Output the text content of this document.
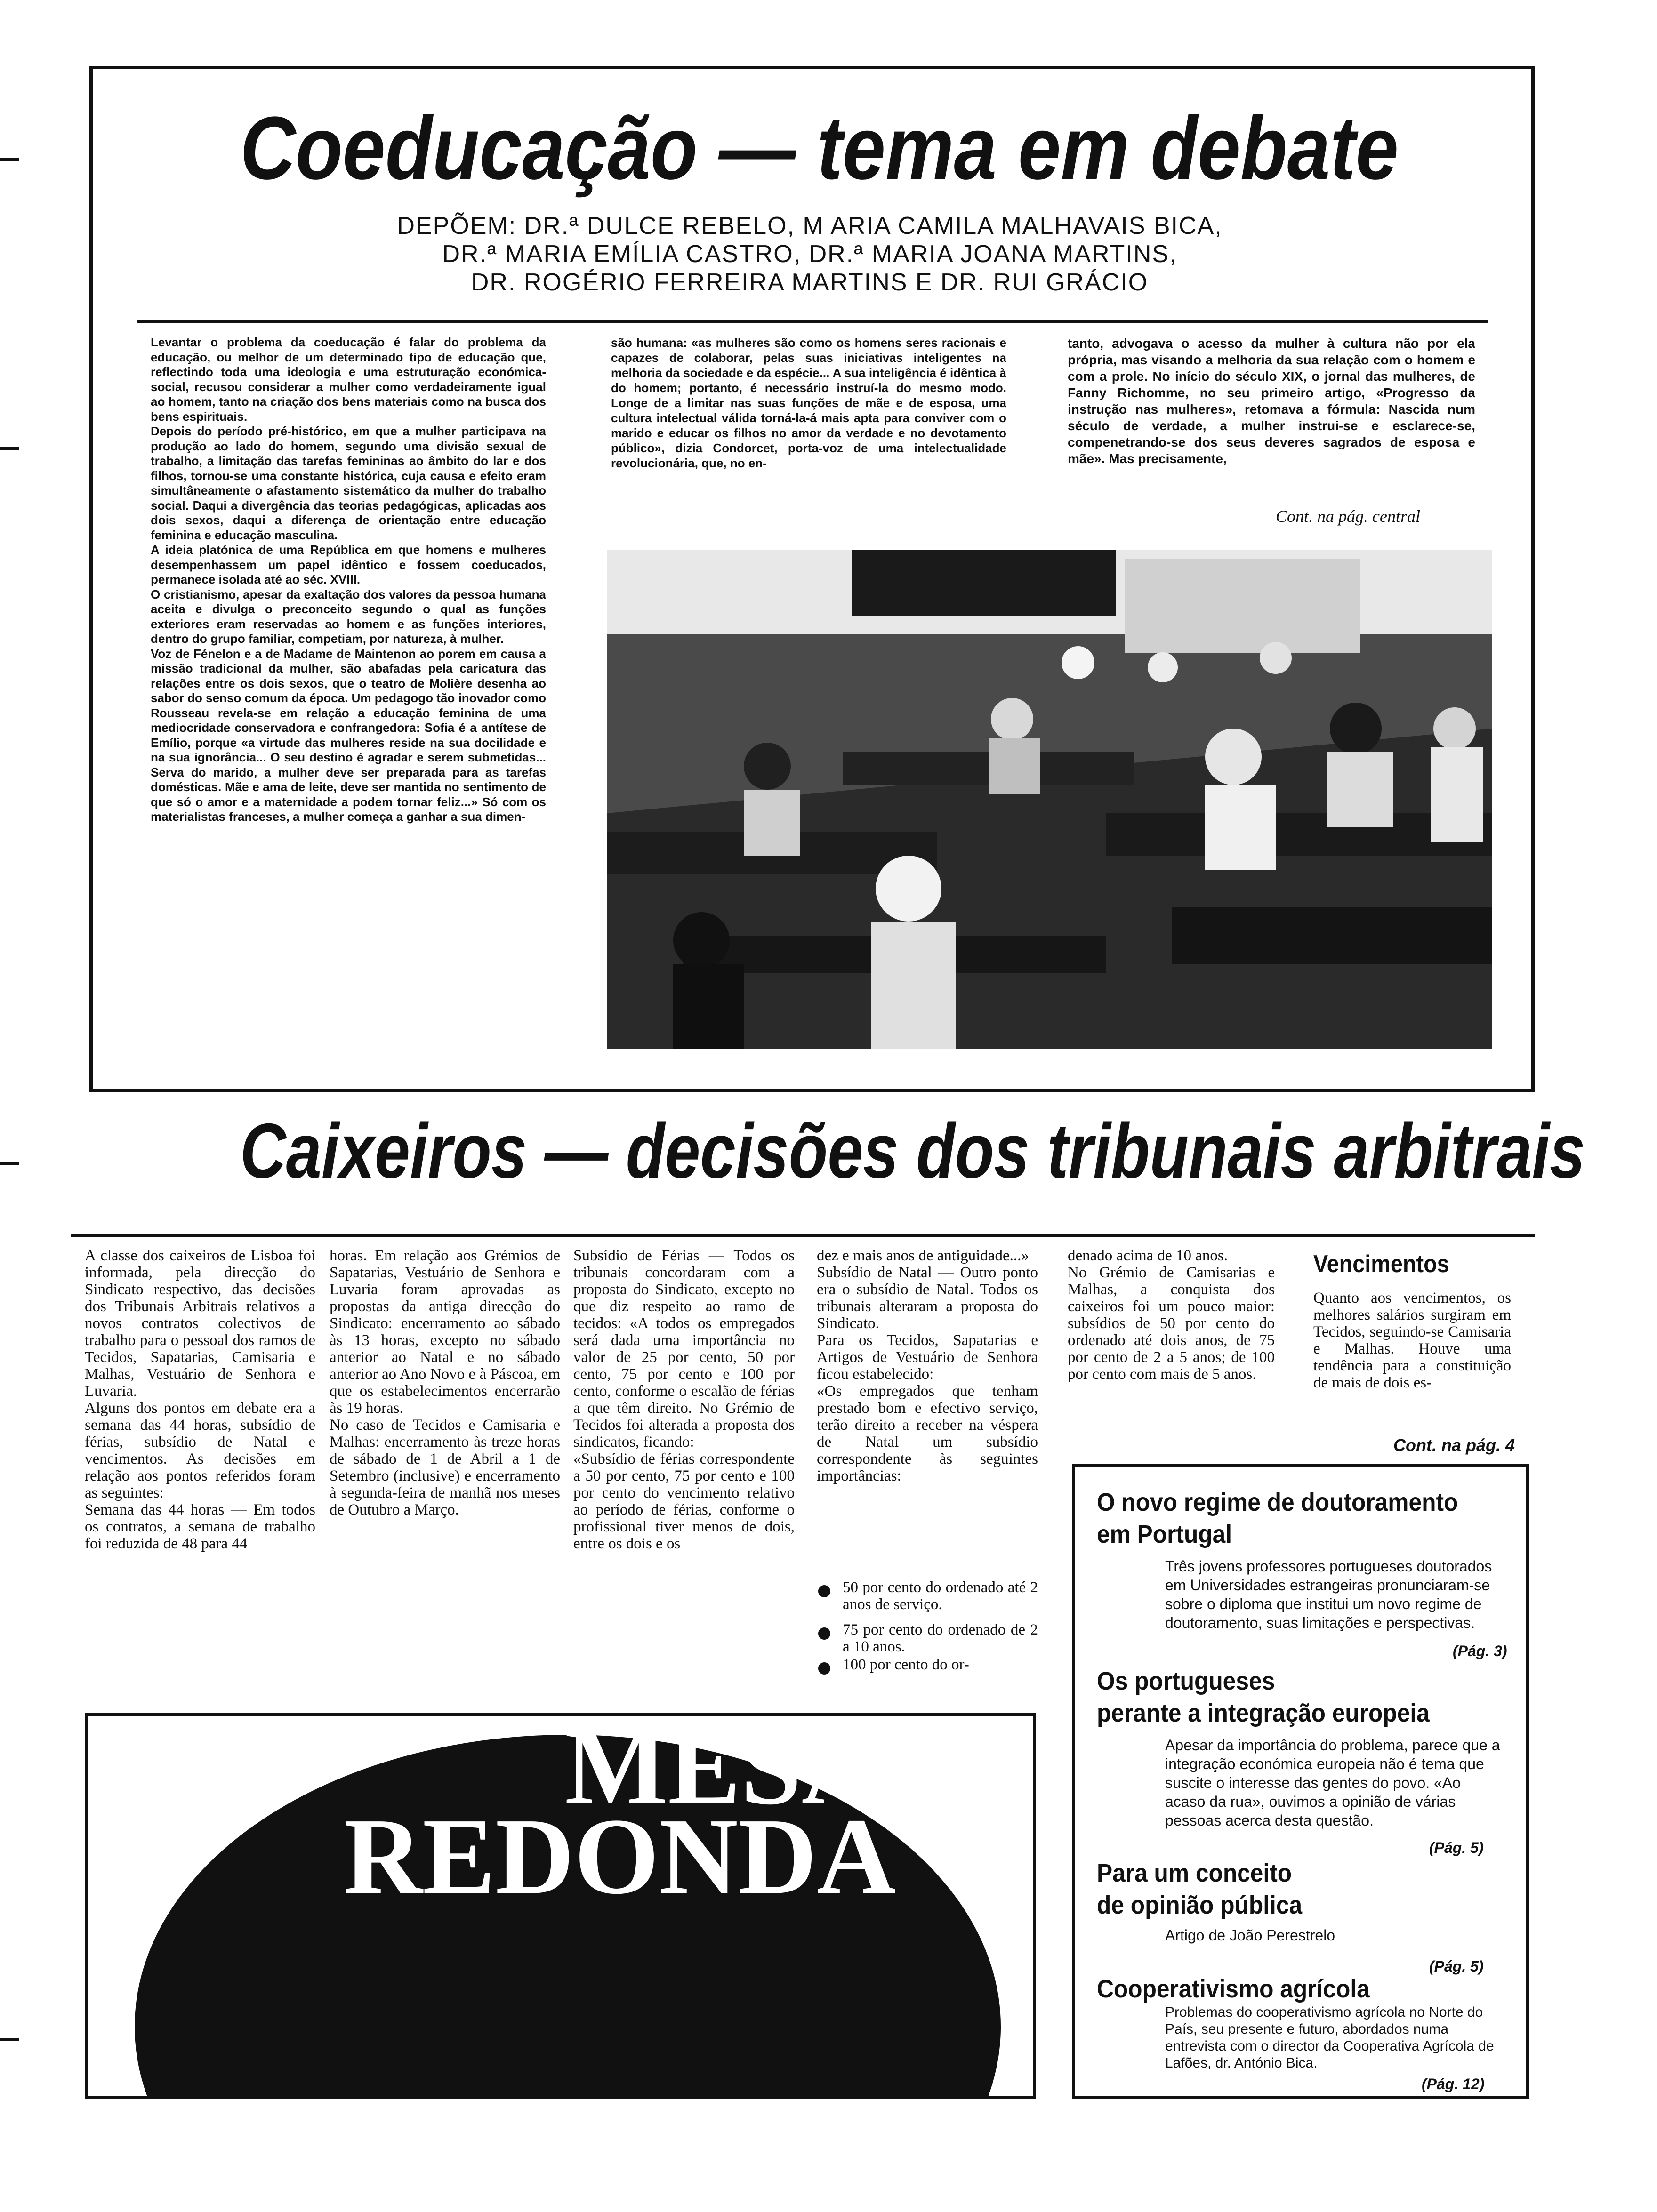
Coeducação — tema em debate
DEPÕEM: DR.ª DULCE REBELO, M ARIA CAMILA MALHAVAIS BICA,
DR.ª MARIA EMÍLIA CASTRO, DR.ª MARIA JOANA MARTINS,
DR. ROGÉRIO FERREIRA MARTINS E DR. RUI GRÁCIO
Levantar o problema da coeducação é falar do problema da educação, ou melhor de um determinado tipo de educação que, reflectindo toda uma ideologia e uma estruturação económica-social, recusou considerar a mulher como verdadeiramente igual ao homem, tanto na criação dos bens materiais como na busca dos bens espirituais.
Depois do período pré-histórico, em que a mulher participava na produção ao lado do homem, segundo uma divisão sexual de trabalho, a limitação das tarefas femininas ao âmbito do lar e dos filhos, tornou-se uma constante histórica, cuja causa e efeito eram simultâneamente o afastamento sistemático da mulher do trabalho social. Daqui a divergência das teorias pedagógicas, aplicadas aos dois sexos, daqui a diferença de orientação entre educação feminina e educação masculina.
A ideia platónica de uma República em que homens e mulheres desempenhassem um papel idêntico e fossem coeducados, permanece isolada até ao séc. XVIII.
O cristianismo, apesar da exaltação dos valores da pessoa humana aceita e divulga o preconceito segundo o qual as funções exteriores eram reservadas ao homem e as funções interiores, dentro do grupo familiar, competiam, por natureza, à mulher.
Voz de Fénelon e a de Madame de Maintenon ao porem em causa a missão tradicional da mulher, são abafadas pela caricatura das relações entre os dois sexos, que o teatro de Molière desenha ao sabor do senso comum da época. Um pedagogo tão inovador como Rousseau revela-se em relação a educação feminina de uma mediocridade conservadora e confrangedora: Sofia é a antítese de Emílio, porque «a virtude das mulheres reside na sua docilidade e na sua ignorância... O seu destino é agradar e serem submetidas... Serva do marido, a mulher deve ser preparada para as tarefas domésticas. Mãe e ama de leite, deve ser mantida no sentimento de que só o amor e a maternidade a podem tornar feliz...» Só com os materialistas franceses, a mulher começa a ganhar a sua dimen-
são humana: «as mulheres são como os homens seres racionais e capazes de colaborar, pelas suas iniciativas inteligentes na melhoria da sociedade e da espécie... A sua inteligência é idêntica à do homem; portanto, é necessário instruí-la do mesmo modo. Longe de a limitar nas suas funções de mãe e de esposa, uma cultura intelectual válida torná-la-á mais apta para conviver com o marido e educar os filhos no amor da verdade e no devotamento público», dizia Condorcet, porta-voz de uma intelectualidade revolucionária, que, no en-
tanto, advogava o acesso da mulher à cultura não por ela própria, mas visando a melhoria da sua relação com o homem e com a prole. No início do século XIX, o jornal das mulheres, de Fanny Richomme, no seu primeiro artigo, «Progresso da instrução nas mulheres», retomava a fórmula: Nascida num século de verdade, a mulher instrui-se e esclarece-se, compenetrando-se dos seus deveres sagrados de esposa e mãe». Mas precisamente,
Cont. na pág. central
Caixeiros — decisões dos tribunais arbitrais
A classe dos caixeiros de Lisboa foi informada, pela direcção do Sindicato respectivo, das decisões dos Tribunais Arbitrais relativos a novos contratos colectivos de trabalho para o pessoal dos ramos de Tecidos, Sapatarias, Camisaria e Malhas, Vestuário de Senhora e Luvaria.
Alguns dos pontos em debate era a semana das 44 horas, subsídio de férias, subsídio de Natal e vencimentos. As decisões em relação aos pontos referidos foram as seguintes:
Semana das 44 horas — Em todos os contratos, a semana de trabalho foi reduzida de 48 para 44
horas. Em relação aos Grémios de Sapatarias, Vestuário de Senhora e Luvaria foram aprovadas as propostas da antiga direcção do Sindicato: encerramento ao sábado às 13 horas, excepto no sábado anterior ao Natal e no sábado anterior ao Ano Novo e à Páscoa, em que os estabelecimentos encerrarão às 19 horas.
No caso de Tecidos e Camisaria e Malhas: encerramento às treze horas de sábado de 1 de Abril a 1 de Setembro (inclusive) e encerramento à segunda-feira de manhã nos meses de Outubro a Março.
Subsídio de Férias — Todos os tribunais concordaram com a proposta do Sindicato, excepto no que diz respeito ao ramo de tecidos: «A todos os empregados será dada uma importância no valor de 25 por cento, 50 por cento, 75 por cento e 100 por cento, conforme o escalão de férias a que têm direito. No Grémio de Tecidos foi alterada a proposta dos sindicatos, ficando:
«Subsídio de férias correspondente a 50 por cento, 75 por cento e 100 por cento do vencimento relativo ao período de férias, conforme o profissional tiver menos de dois, entre os dois e os
dez e mais anos de antiguidade...»
Subsídio de Natal — Outro ponto era o subsídio de Natal. Todos os tribunais alteraram a proposta do Sindicato.
Para os Tecidos, Sapatarias e Artigos de Vestuário de Senhora ficou estabelecido:
«Os empregados que tenham prestado bom e efectivo serviço, terão direito a receber na véspera de Natal um subsídio correspondente às seguintes importâncias:
50 por cento do ordenado até 2 anos de serviço.
75 por cento do ordenado de 2 a 10 anos.
100 por cento do or-
denado acima de 10 anos.
No Grémio de Camisarias e Malhas, a conquista dos caixeiros foi um pouco maior: subsídios de 50 por cento do ordenado até dois anos, de 75 por cento de 2 a 5 anos; de 100 por cento com mais de 5 anos.
Vencimentos
Quanto aos vencimentos, os melhores salários surgiram em Tecidos, seguindo-se Camisaria e Malhas. Houve uma tendência para a constituição de mais de dois es-
Cont. na pág. 4
MESA
REDONDA
O novo regime de doutoramento
em Portugal
Três jovens professores portugueses doutorados em Universidades estrangeiras pronunciaram-se sobre o diploma que institui um novo regime de doutoramento, suas limitações e perspectivas.
(Pág. 3)
Os portugueses
perante a integração europeia
Apesar da importância do problema, parece que a integração económica europeia não é tema que suscite o interesse das gentes do povo. «Ao acaso da rua», ouvimos a opinião de várias pessoas acerca desta questão.
(Pág. 5)
Para um conceito
de opinião pública
Artigo de João Perestrelo
(Pág. 5)
Cooperativismo agrícola
Problemas do cooperativismo agrícola no Norte do País, seu presente e futuro, abordados numa entrevista com o director da Cooperativa Agrícola de Lafões, dr. António Bica.
(Pág. 12)
